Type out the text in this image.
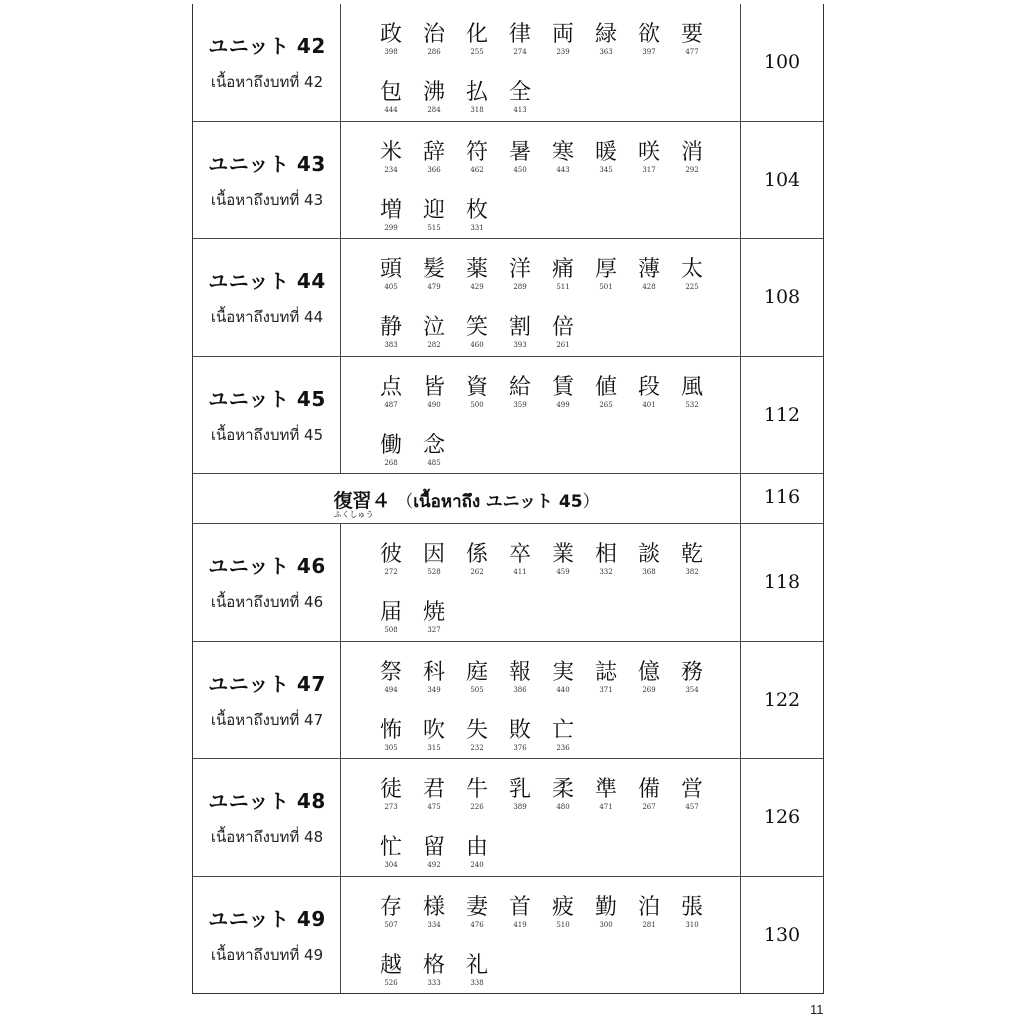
ユニット 42
เนื้อหาถึงบทที่ 42
政
398
治
286
化
255
律
274
両
239
緑
363
欲
397
要
477
包
444
沸
284
払
318
全
413
100
ユニット 43
เนื้อหาถึงบทที่ 43
米
234
辞
366
符
462
暑
450
寒
443
暖
345
咲
317
消
292
増
299
迎
515
枚
331
104
ユニット 44
เนื้อหาถึงบทที่ 44
頭
405
髪
479
薬
429
洋
289
痛
511
厚
501
薄
428
太
225
静
383
泣
282
笑
460
割
393
倍
261
108
ユニット 45
เนื้อหาถึงบทที่ 45
点
487
皆
490
資
500
給
359
賃
499
値
265
段
401
風
532
働
268
念
485
112
復習４
ふくしゅう
（เนื้อหาถึง ユニット 45）	116
ユニット 46
เนื้อหาถึงบทที่ 46
彼
272
因
528
係
262
卒
411
業
459
相
332
談
368
乾
382
届
508
焼
327
118
ユニット 47
เนื้อหาถึงบทที่ 47
祭
494
科
349
庭
505
報
386
実
440
誌
371
億
269
務
354
怖
305
吹
315
失
232
敗
376
亡
236
122
ユニット 48
เนื้อหาถึงบทที่ 48
徒
273
君
475
牛
226
乳
389
柔
480
準
471
備
267
営
457
忙
304
留
492
由
240
126
ユニット 49
เนื้อหาถึงบทที่ 49
存
507
様
334
妻
476
首
419
疲
510
勤
300
泊
281
張
310
越
526
格
333
礼
338
130
11
